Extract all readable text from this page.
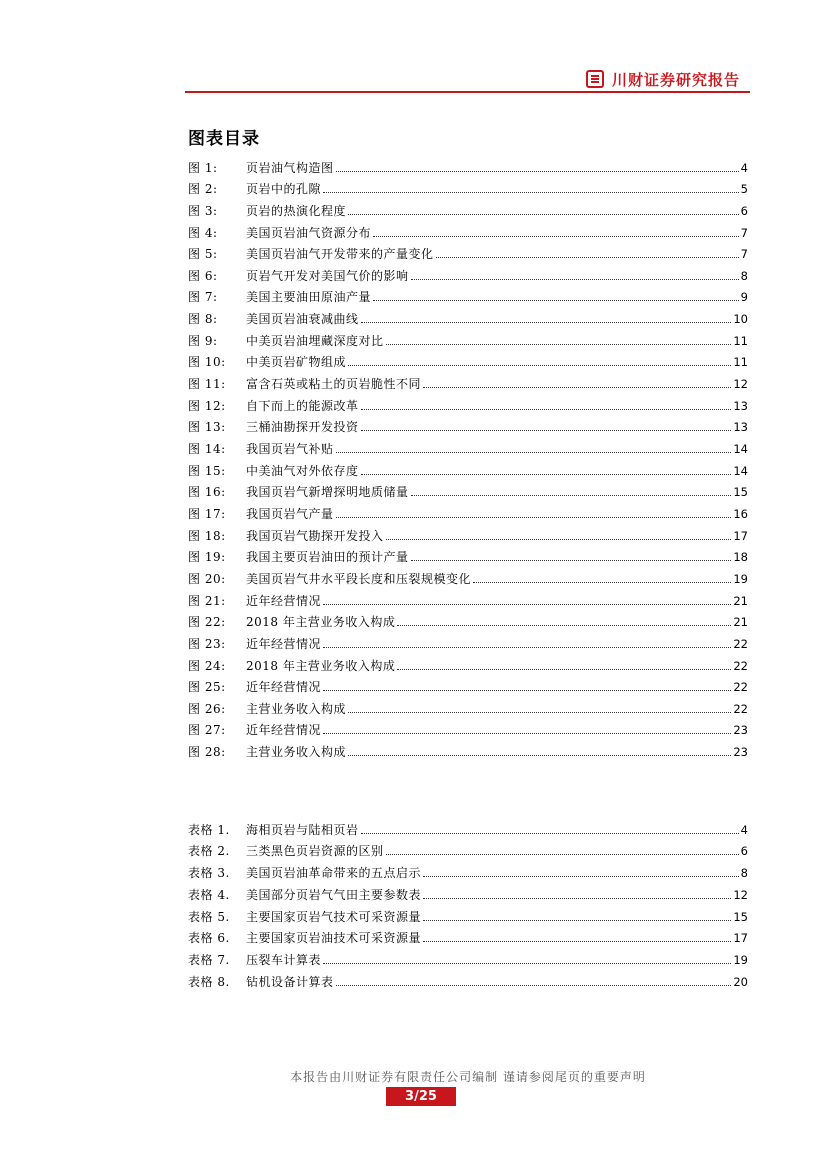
川财证券研究报告
图表目录
图 1:	页岩油气构造图	4
图 2:	页岩中的孔隙	5
图 3:	页岩的热演化程度	6
图 4:	美国页岩油气资源分布	7
图 5:	美国页岩油气开发带来的产量变化	7
图 6:	页岩气开发对美国气价的影响	8
图 7:	美国主要油田原油产量	9
图 8:	美国页岩油衰减曲线	10
图 9:	中美页岩油埋藏深度对比	11
图 10:	中美页岩矿物组成	11
图 11:	富含石英或粘土的页岩脆性不同	12
图 12:	自下而上的能源改革	13
图 13:	三桶油勘探开发投资	13
图 14:	我国页岩气补贴	14
图 15:	中美油气对外依存度	14
图 16:	我国页岩气新增探明地质储量	15
图 17:	我国页岩气产量	16
图 18:	我国页岩气勘探开发投入	17
图 19:	我国主要页岩油田的预计产量	18
图 20:	美国页岩气井水平段长度和压裂规模变化	19
图 21:	近年经营情况	21
图 22:	2018 年主营业务收入构成	21
图 23:	近年经营情况	22
图 24:	2018 年主营业务收入构成	22
图 25:	近年经营情况	22
图 26:	主营业务收入构成	22
图 27:	近年经营情况	23
图 28:	主营业务收入构成	23
表格 1.	海相页岩与陆相页岩	4
表格 2.	三类黑色页岩资源的区别	6
表格 3.	美国页岩油革命带来的五点启示	8
表格 4.	美国部分页岩气气田主要参数表	12
表格 5.	主要国家页岩气技术可采资源量	15
表格 6.	主要国家页岩油技术可采资源量	17
表格 7.	压裂车计算表	19
表格 8.	钻机设备计算表	20
本报告由川财证券有限责任公司编制 谨请参阅尾页的重要声明
3/25
